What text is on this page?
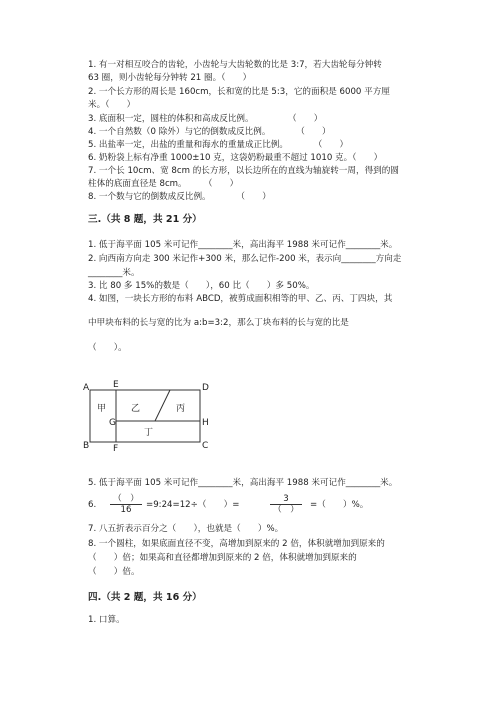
1. 有一对相互咬合的齿轮，小齿轮与大齿轮数的比是 3:7，若大齿轮每分钟转
63 圈，则小齿轮每分钟转 21 圈。（　　）
2. 一个长方形的周长是 160cm，长和宽的比是 5:3，它的面积是 6000 平方厘
米。（　　）
3. 底面积一定，圆柱的体积和高成反比例。　　　　　（　　）
4. 一个自然数（0 除外）与它的倒数成反比例。　　　　（　　）
5. 出盐率一定，出盐的重量和海水的重量成正比例。　　　　（　　）
6. 奶粉袋上标有净重 1000±10 克，这袋奶粉最重不超过 1010 克。（　　）
7. 一个长 10cm、宽 8cm 的长方形，以长边所在的直线为轴旋转一周，得到的圆
柱体的底面直径是 8cm。　　　（　　）
8. 一个数与它的倒数成反比例。　　　　（　　）
三.（共 8 题，共 21 分）
1. 低于海平面 105 米可记作________米，高出海平 1988 米可记作________米。
2. 向西南方向走 300 米记作+300 米，那么记作-200 米，表示向________方向走
________米。
3. 比 80 多 15%的数是（　　），60 比（　　）多 50%。
4. 如图，一块长方形的布料 ABCD，被剪成面积相等的甲、乙、丙、丁四块，其
中甲块布料的长与宽的比为 a:b=3:2，那么丁块布料的长与宽的比是
（　　）。
A
B	C
D
E
F
G	H
甲	乙	丙
丁
5. 低于海平面 105 米可记作________米，高出海平 1988 米可记作________米。
6.
（　）
16	=9:24=12÷（　　）=
3
（　）	=（　　）%。
7. 八五折表示百分之（　　），也就是（　　）%。
8. 一个圆柱，如果底面直径不变，高增加到原来的 2 倍，体积就增加到原来的
（　　）倍；如果高和直径都增加到原来的 2 倍，体积就增加到原来的
（　　）倍。
四.（共 2 题，共 16 分）
1. 口算。
